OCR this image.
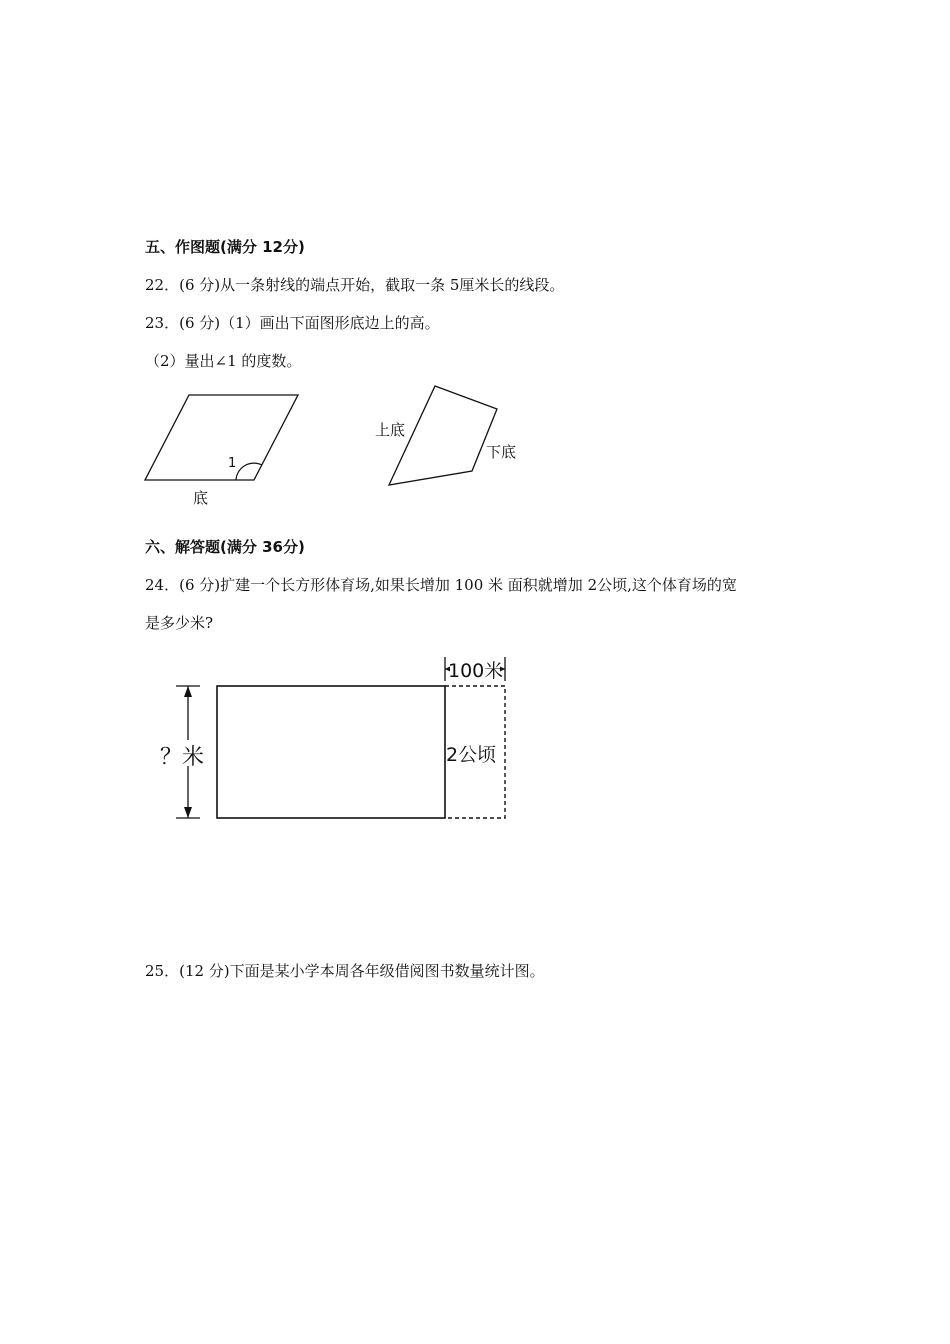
五、作图题(满分 12分)
22．(6 分)从一条射线的端点开始，截取一条 5厘米长的线段。
23．(6 分)（1）画出下面图形底边上的高。
（2）量出∠1 的度数。
1
底
上底
下底
？米
100米
2公顷
六、解答题(满分 36分)
24．(6 分)扩建一个长方形体育场,如果长增加 100 米 面积就增加 2公顷,这个体育场的宽
是多少米?
25．(12 分)下面是某小学本周各年级借阅图书数量统计图。
